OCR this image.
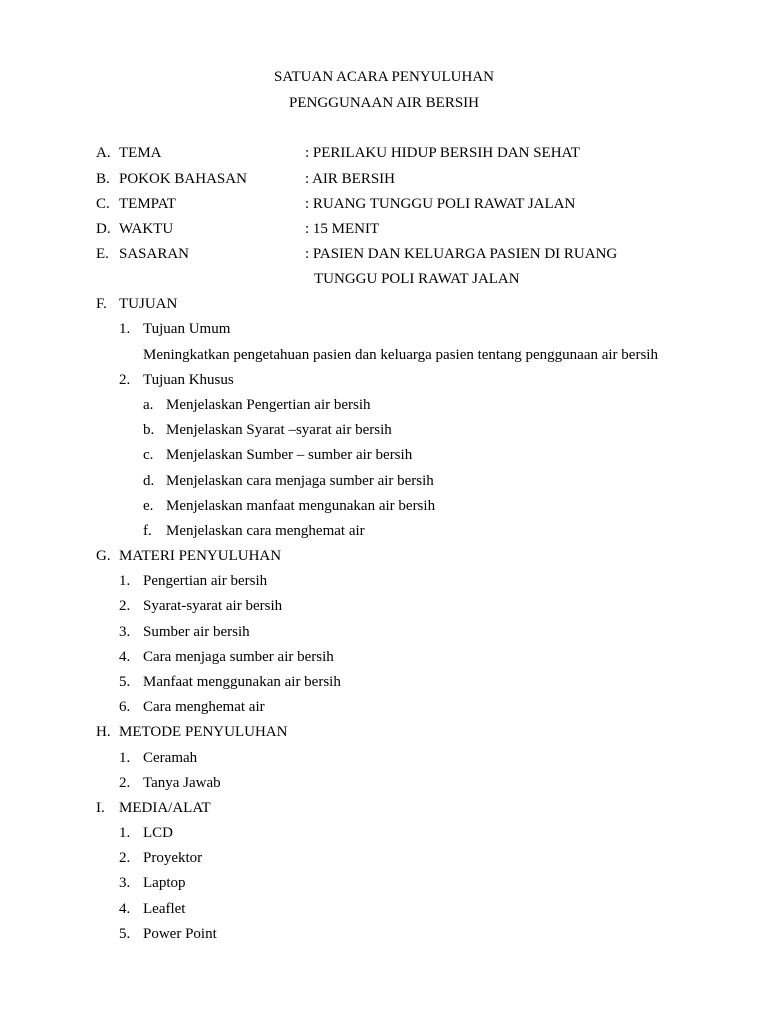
SATUAN ACARA PENYULUHAN
PENGGUNAAN AIR BERSIH
A. TEMA	: PERILAKU HIDUP BERSIH DAN SEHAT
B. POKOK BAHASAN	: AIR BERSIH
C. TEMPAT	: RUANG TUNGGU POLI RAWAT JALAN
D. WAKTU	: 15 MENIT
E. SASARAN	: PASIEN DAN KELUARGA PASIEN DI RUANG
TUNGGU POLI RAWAT JALAN
F. TUJUAN
1. Tujuan Umum
Meningkatkan pengetahuan pasien dan keluarga pasien tentang penggunaan air bersih
2. Tujuan Khusus
a. Menjelaskan Pengertian air bersih
b. Menjelaskan Syarat –syarat air bersih
c. Menjelaskan Sumber – sumber air bersih
d. Menjelaskan cara menjaga sumber air bersih
e. Menjelaskan manfaat mengunakan air bersih
f. Menjelaskan cara menghemat air
G. MATERI PENYULUHAN
1. Pengertian air bersih
2. Syarat-syarat air bersih
3. Sumber air bersih
4. Cara menjaga sumber air bersih
5. Manfaat menggunakan air bersih
6. Cara menghemat air
H. METODE PENYULUHAN
1. Ceramah
2. Tanya Jawab
I. MEDIA/ALAT
1. LCD
2. Proyektor
3. Laptop
4. Leaflet
5. Power Point
